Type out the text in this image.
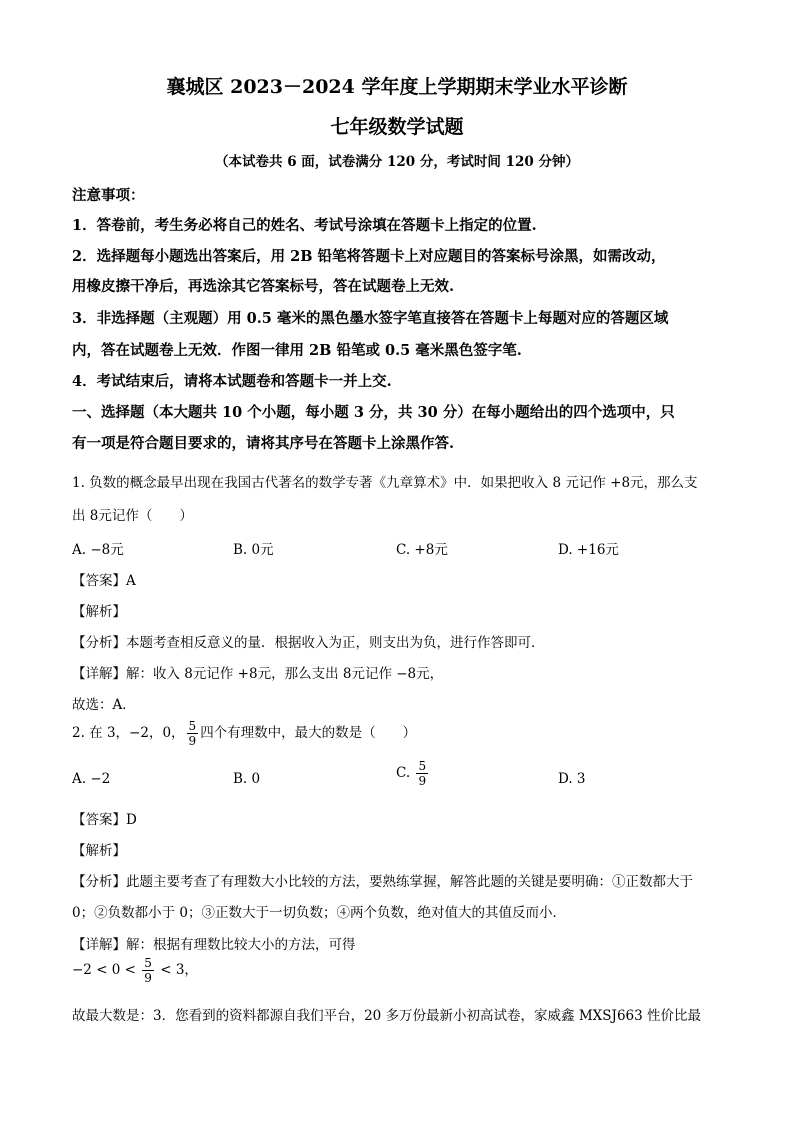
襄城区 2023－2024 学年度上学期期末学业水平诊断
七年级数学试题
（本试卷共 6 面，试卷满分 120 分，考试时间 120 分钟）
注意事项：
1．答卷前，考生务必将自己的姓名、考试号涂填在答题卡上指定的位置.
2．选择题每小题选出答案后，用 2B 铅笔将答题卡上对应题目的答案标号涂黑，如需改动，
用橡皮擦干净后，再选涂其它答案标号，答在试题卷上无效.
3．非选择题（主观题）用 0.5 毫米的黑色墨水签字笔直接答在答题卡上每题对应的答题区域
内，答在试题卷上无效．作图一律用 2B 铅笔或 0.5 毫米黑色签字笔.
4．考试结束后，请将本试题卷和答题卡一并上交.
一、选择题（本大题共 10 个小题，每小题 3 分，共 30 分）在每小题给出的四个选项中，只
有一项是符合题目要求的，请将其序号在答题卡上涂黑作答.
1. 负数的概念最早出现在我国古代著名的数学专著《九章算术》中．如果把收入 8 元记作 +8元，那么支
出 8元记作（　　）
A. −8元	B. 0元	C. +8元	D. +16元
【答案】A
【解析】
【分析】本题考查相反意义的量．根据收入为正，则支出为负，进行作答即可．
【详解】解：收入 8元记作 +8元，那么支出 8元记作 −8元，
故选：A．
2. 在 3，−2，0， $\frac{5}{9}$ 四个有理数中，最大的数是（　　）
A. −2	B. 0	C. $\frac{5}{9}$	D. 3
【答案】D
【解析】
【分析】此题主要考查了有理数大小比较的方法，要熟练掌握，解答此题的关键是要明确：①正数都大于
0；②负数都小于 0；③正数大于一切负数；④两个负数，绝对值大的其值反而小．
【详解】解：根据有理数比较大小的方法，可得
$-2 < 0 < \frac{5}{9} < 3$，
故最大数是：3．您看到的资料都源自我们平台，20 多万份最新小初高试卷，家威鑫 MXSJ663 性价比最
